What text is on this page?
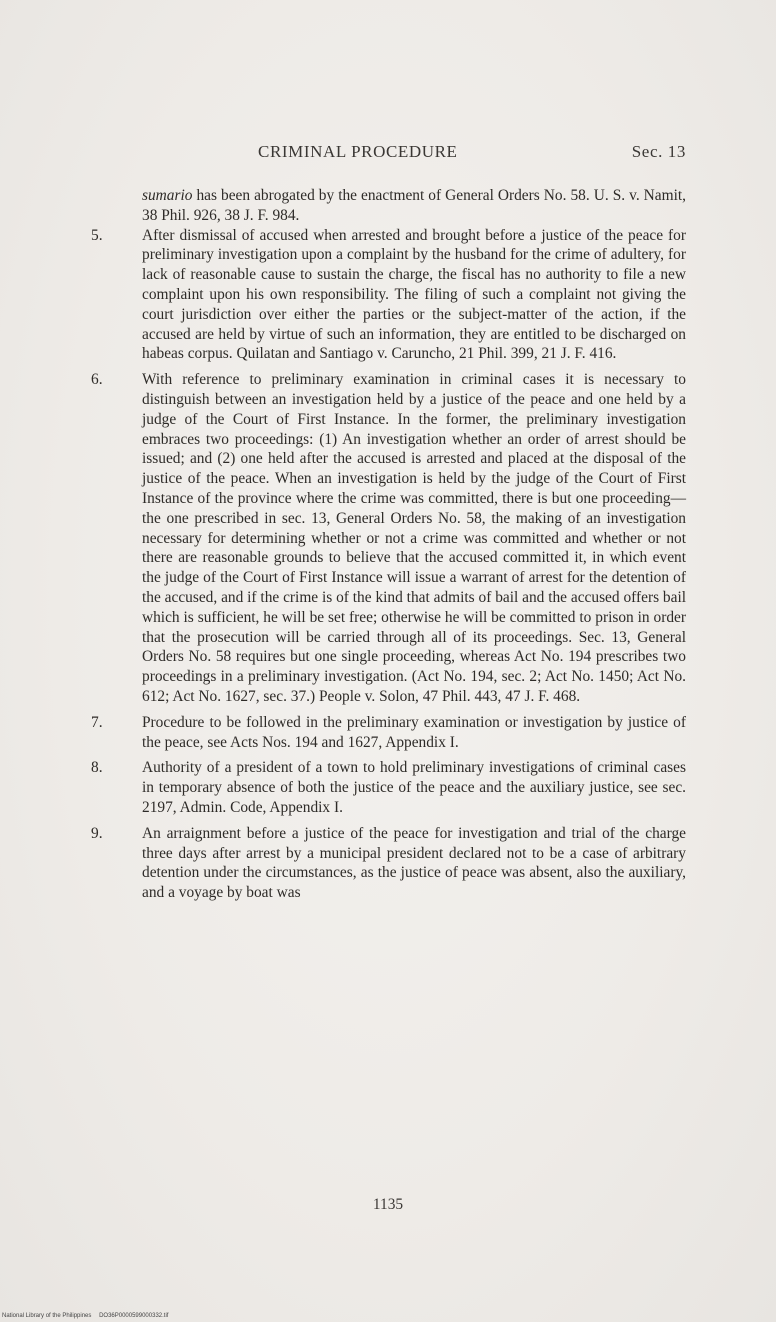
CRIMINAL PROCEDURE	Sec. 13

sumario has been abrogated by the enactment of General Orders No. 58. U. S. v. Namit, 38 Phil. 926, 38 J. F. 984.

5.	After dismissal of accused when arrested and brought before a justice of the peace for preliminary investigation upon a complaint by the husband for the crime of adultery, for lack of reasonable cause to sustain the charge, the fiscal has no authority to file a new complaint upon his own responsibility. The filing of such a complaint not giving the court jurisdiction over either the parties or the subject-matter of the action, if the accused are held by virtue of such an information, they are entitled to be discharged on habeas corpus. Quilatan and Santiago v. Caruncho, 21 Phil. 399, 21 J. F. 416.
6.	With reference to preliminary examination in criminal cases it is necessary to distinguish between an investigation held by a justice of the peace and one held by a judge of the Court of First Instance. In the former, the preliminary investigation embraces two proceedings: (1) An investigation whether an order of arrest should be issued; and (2) one held after the accused is arrested and placed at the disposal of the justice of the peace. When an investigation is held by the judge of the Court of First Instance of the province where the crime was committed, there is but one proceeding—the one prescribed in sec. 13, General Orders No. 58, the making of an investigation necessary for determining whether or not a crime was committed and whether or not there are reasonable grounds to believe that the accused committed it, in which event the judge of the Court of First Instance will issue a warrant of arrest for the detention of the accused, and if the crime is of the kind that admits of bail and the accused offers bail which is sufficient, he will be set free; otherwise he will be committed to prison in order that the prosecution will be carried through all of its proceedings. Sec. 13, General Orders No. 58 requires but one single proceeding, whereas Act No. 194 prescribes two proceedings in a preliminary investigation. (Act No. 194, sec. 2; Act No. 1450; Act No. 612; Act No. 1627, sec. 37.) People v. Solon, 47 Phil. 443, 47 J. F. 468.
7.	Procedure to be followed in the preliminary examination or investigation by justice of the peace, see Acts Nos. 194 and 1627, Appendix I.
8.	Authority of a president of a town to hold preliminary investigations of criminal cases in temporary absence of both the justice of the peace and the auxiliary justice, see sec. 2197, Admin. Code, Appendix I.
9.	An arraignment before a justice of the peace for investigation and trial of the charge three days after arrest by a municipal president declared not to be a case of arbitrary detention under the circumstances, as the justice of peace was absent, also the auxiliary, and a voyage by boat was
1135
National Library of the Philippines DO36P0000599000332.tif
